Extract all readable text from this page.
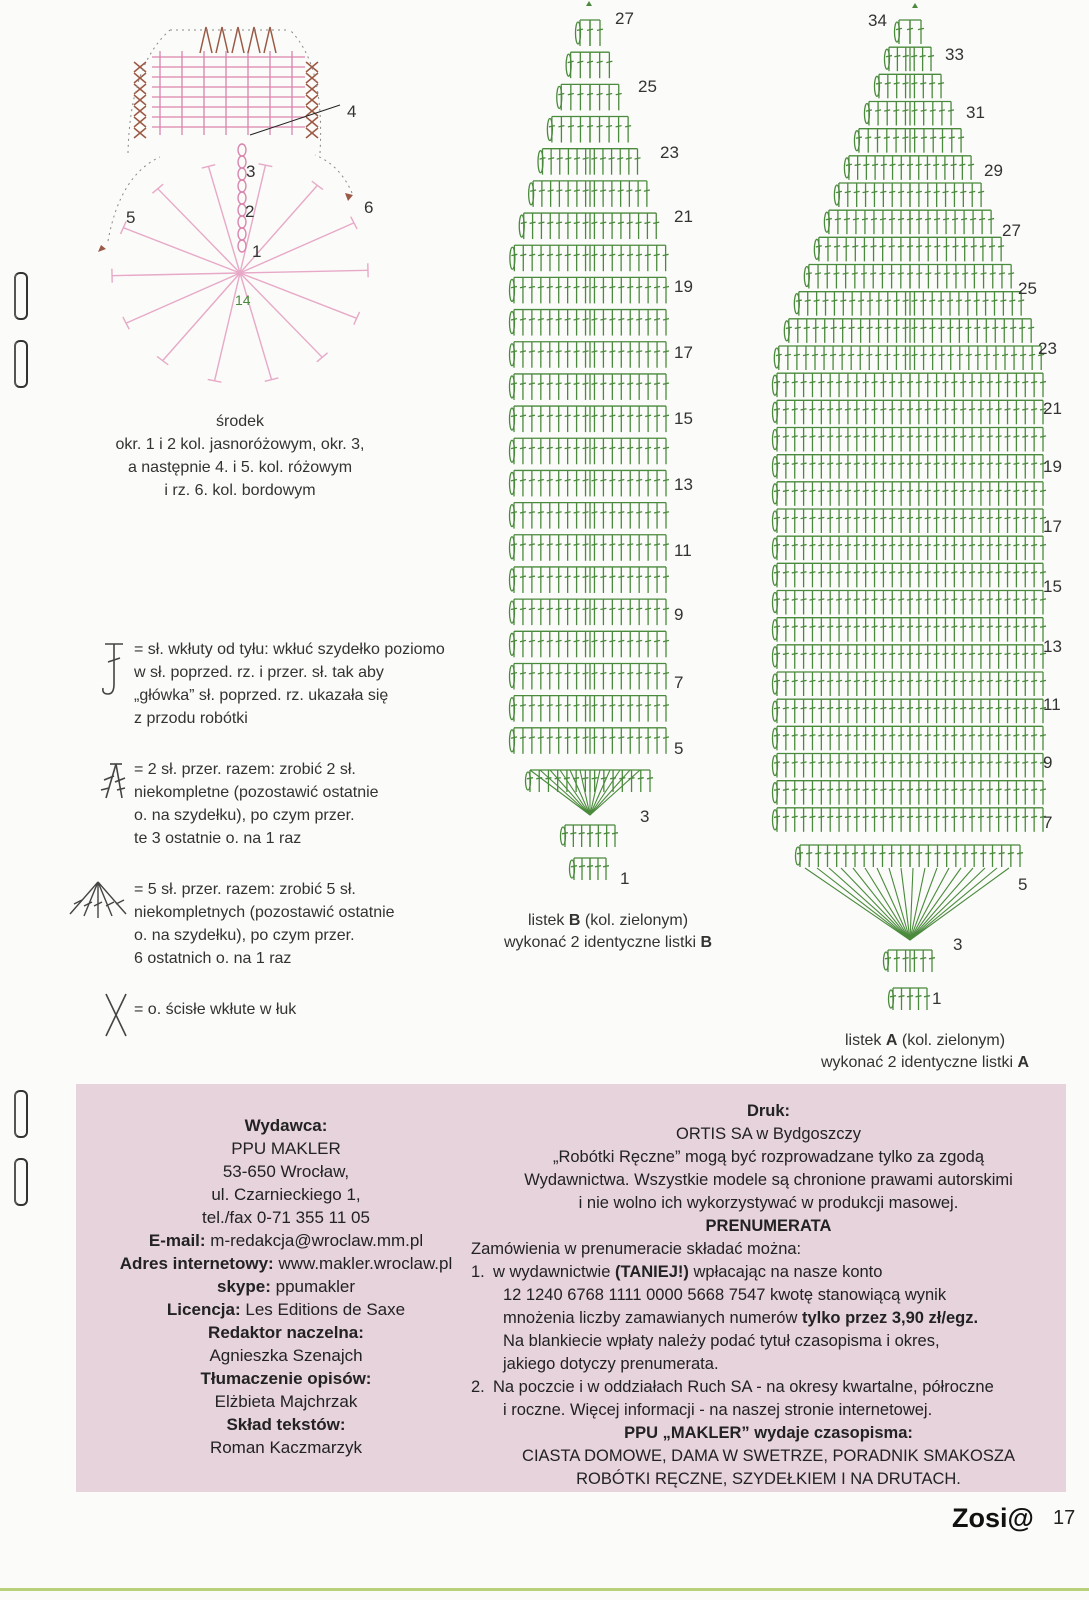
1
2
3
4
5
6
14
środek
okr. 1 i 2 kol. jasnoróżowym, okr. 3,
a następnie 4. i 5. kol. różowym
i rz. 6. kol. bordowym
= sł. wkłuty od tyłu: wkłuć szydełko poziomo
w sł. poprzed. rz. i przer. sł. tak aby
„główka” sł. poprzed. rz. ukazała się
z przodu robótki
= 2 sł. przer. razem: zrobić 2 sł.
niekompletne (pozostawić ostatnie
o. na szydełku), po czym przer.
te 3 ostatnie o. na 1 raz
= 5 sł. przer. razem: zrobić 5 sł.
niekompletnych (pozostawić ostatnie
o. na szydełku), po czym przer.
6 ostatnich o. na 1 raz
= o. ścisłe wkłute w łuk
27
25
23
21
19
17
15
13
11
9
7
5
3
1
listek B (kol. zielonym)
wykonać 2 identyczne listki B
34
33
31
29
27
25
23
21
19
17
15
13
11
9
7
5
3
1
listek A (kol. zielonym)
wykonać 2 identyczne listki A
Wydawca:
PPU MAKLER
53-650 Wrocław,
ul. Czarnieckiego 1,
tel./fax 0-71 355 11 05
E-mail: m-redakcja@wroclaw.mm.pl
Adres internetowy: www.makler.wroclaw.pl
skype: ppumakler
Licencja: Les Editions de Saxe
Redaktor naczelna:
Agnieszka Szenajch
Tłumaczenie opisów:
Elżbieta Majchrzak
Skład tekstów:
Roman Kaczmarzyk
Druk:
ORTIS SA w Bydgoszczy
„Robótki Ręczne” mogą być rozprowadzane tylko za zgodą
Wydawnictwa. Wszystkie modele są chronione prawami autorskimi
i nie wolno ich wykorzystywać w produkcji masowej.
PRENUMERATA
Zamówienia w prenumeracie składać można:
1. w wydawnictwie (TANIEJ!) wpłacając na nasze konto
12 1240 6768 1111 0000 5668 7547 kwotę stanowiącą wynik
mnożenia liczby zamawianych numerów tylko przez 3,90 zł/egz.
Na blankiecie wpłaty należy podać tytuł czasopisma i okres,
jakiego dotyczy prenumerata.
2. Na poczcie i w oddziałach Ruch SA - na okresy kwartalne, półroczne
i roczne. Więcej informacji - na naszej stronie internetowej.
PPU „MAKLER” wydaje czasopisma:
CIASTA DOMOWE, DAMA W SWETRZE, PORADNIK SMAKOSZA
ROBÓTKI RĘCZNE, SZYDEŁKIEM I NA DRUTACH.
Zosi@ 17
